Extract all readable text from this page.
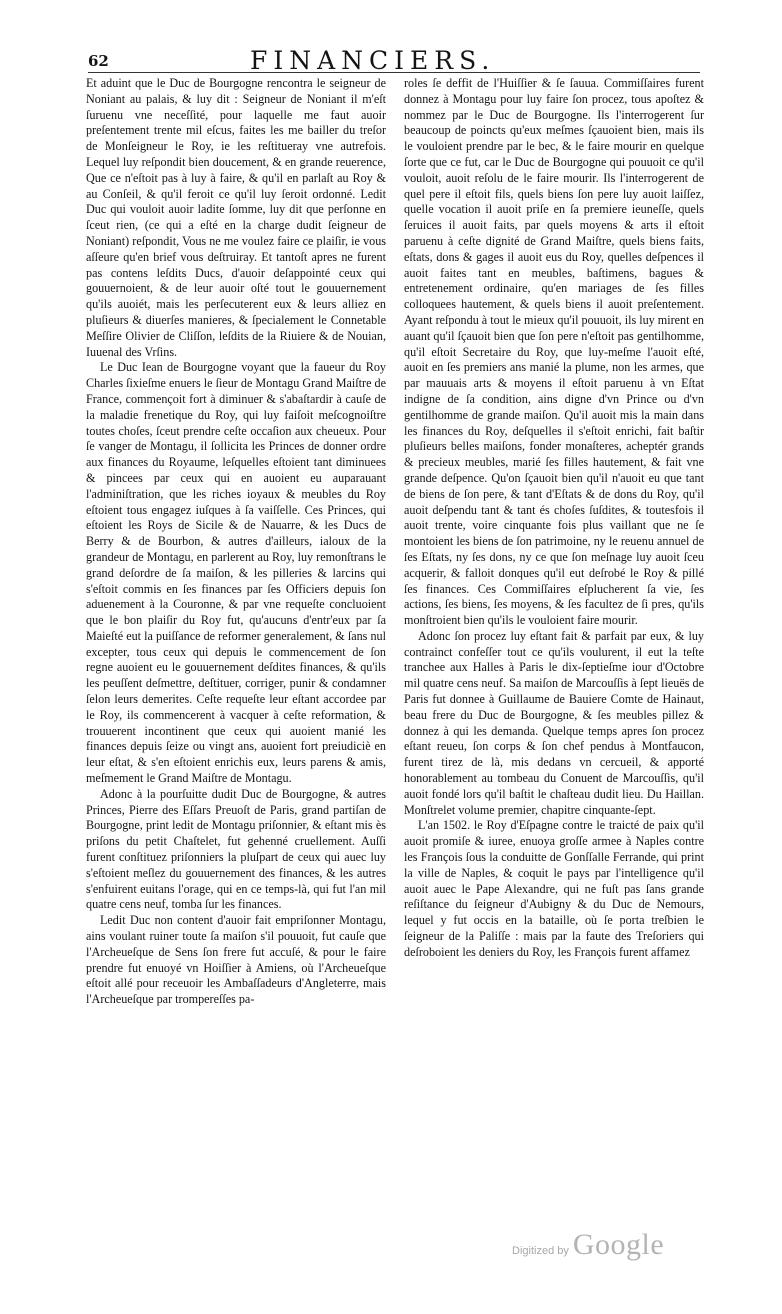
62	FINANCIERS.

Et aduint que le Duc de Bourgogne rencontra le seigneur de Noniant au palais, & luy dit : Seigneur de Noniant il m'eſt ſuruenu vne neceſſité, pour laquelle me faut auoir preſentement trente mil eſcus, faites les me bailler du treſor de Monſeigneur le Roy, ie les reſtitueray vne autrefois. Lequel luy reſpondit bien doucement, & en grande reuerence, Que ce n'eſtoit pas à luy à faire, & qu'il en parlaſt au Roy & au Conſeil, & qu'il feroit ce qu'il luy ſeroit ordonné. Ledit Duc qui vouloit auoir ladite ſomme, luy dit que perſonne en ſceut rien, (ce qui a eſté en la charge dudit ſeigneur de Noniant) reſpondit, Vous ne me voulez faire ce plaiſir, ie vous aſſeure qu'en brief vous deſtruiray. Et tantoſt apres ne furent pas contens leſdits Ducs, d'auoir deſappointé ceux qui gouuernoient, & de leur auoir oſté tout le gouuernement qu'ils auoiét, mais les perſecuterent eux & leurs alliez en pluſieurs & diuerſes manieres, & ſpecialement le Connetable Meſſire Olivier de Cliſſon, leſdits de la Riuiere & de Nouian, Iuuenal des Vrſins.

Le Duc Iean de Bourgogne voyant que la faueur du Roy Charles ſixieſme enuers le ſieur de Montagu Grand Maiſtre de France, commençoit fort à diminuer & s'abaſtardir à cauſe de la maladie frenetique du Roy, qui luy faiſoit meſcognoiſtre toutes choſes, ſceut prendre ceſte occaſion aux cheueux. Pour ſe vanger de Montagu, il ſollicita les Princes de donner ordre aux finances du Royaume, leſquelles eſtoient tant diminuees & pincees par ceux qui en auoient eu auparauant l'adminiſtration, que les riches ioyaux & meubles du Roy eſtoient tous engagez iuſques à ſa vaiſſelle. Ces Princes, qui eſtoient les Roys de Sicile & de Nauarre, & les Ducs de Berry & de Bourbon, & autres d'ailleurs, ialoux de la grandeur de Montagu, en parlerent au Roy, luy remonſtrans le grand deſordre de ſa maiſon, & les pilleries & larcins qui s'eſtoit commis en ſes finances par ſes Officiers depuis ſon aduenement à la Couronne, & par vne requeſte concluoient que le bon plaiſir du Roy fut, qu'aucuns d'entr'eux par ſa Maieſté eut la puiſſance de reformer generalement, & ſans nul excepter, tous ceux qui depuis le commencement de ſon regne auoient eu le gouuernement deſdites finances, & qu'ils les peuſſent deſmettre, deſtituer, corriger, punir & condamner ſelon leurs demerites. Ceſte requeſte leur eſtant accordee par le Roy, ils commencerent à vacquer à ceſte reformation, & trouuerent incontinent que ceux qui auoient manié les finances depuis ſeize ou vingt ans, auoient fort preiudiciè en leur eſtat, & s'en eſtoient enrichis eux, leurs parens & amis, meſmement le Grand Maiſtre de Montagu.

Adonc à la pourſuitte dudit Duc de Bourgogne, & autres Princes, Pierre des Eſſars Preuoſt de Paris, grand partiſan de Bourgogne, print ledit de Montagu priſonnier, & eſtant mis ès priſons du petit Chaſtelet, fut gehenné cruellement. Auſſi furent conſtituez priſonniers la pluſpart de ceux qui auec luy s'eſtoient meſlez du gouuernement des finances, & les autres s'enfuirent euitans l'orage, qui en ce temps-là, qui fut l'an mil quatre cens neuf, tomba ſur les finances.

Ledit Duc non content d'auoir fait empriſonner Montagu, ains voulant ruiner toute ſa maiſon s'il pouuoit, fut cauſe que l'Archeueſque de Sens ſon frere fut accuſé, & pour le faire prendre fut enuoyé vn Hoiſſier à Amiens, où l'Archeueſque eſtoit allé pour receuoir les Ambaſſadeurs d'Angleterre, mais l'Archeueſque par trompereſſes pa-

roles ſe deffit de l'Huiſſier & ſe ſauua. Commiſſaires furent donnez à Montagu pour luy faire ſon procez, tous apoſtez & nommez par le Duc de Bourgogne. Ils l'interrogerent ſur beaucoup de poincts qu'eux meſmes ſçauoient bien, mais ils le vouloient prendre par le bec, & le faire mourir en quelque ſorte que ce fut, car le Duc de Bourgogne qui pouuoit ce qu'il vouloit, auoit reſolu de le faire mourir. Ils l'interrogerent de quel pere il eſtoit fils, quels biens ſon pere luy auoit laiſſez, quelle vocation il auoit priſe en ſa premiere ieuneſſe, quels ſeruices il auoit faits, par quels moyens & arts il eſtoit paruenu à ceſte dignité de Grand Maiſtre, quels biens faits, eſtats, dons & gages il auoit eus du Roy, quelles deſpences il auoit faites tant en meubles, baſtimens, bagues & entretenement ordinaire, qu'en mariages de ſes filles colloquees hautement, & quels biens il auoit preſentement. Ayant reſpondu à tout le mieux qu'il pouuoit, ils luy mirent en auant qu'il ſçauoit bien que ſon pere n'eſtoit pas gentilhomme, qu'il eſtoit Secretaire du Roy, que luy-meſme l'auoit eſté, auoit en ſes premiers ans manié la plume, non les armes, que par mauuais arts & moyens il eſtoit paruenu à vn Eſtat indigne de ſa condition, ains digne d'vn Prince ou d'vn gentilhomme de grande maiſon. Qu'il auoit mis la main dans les finances du Roy, deſquelles il s'eſtoit enrichi, fait baſtir pluſieurs belles maiſons, fonder monaſteres, acheptér grands & precieux meubles, marié ſes filles hautement, & fait vne grande deſpence. Qu'on ſçauoit bien qu'il n'auoit eu que tant de biens de ſon pere, & tant d'Eſtats & de dons du Roy, qu'il auoit deſpendu tant & tant és choſes ſuſdites, & toutesfois il auoit trente, voire cinquante fois plus vaillant que ne ſe montoient les biens de ſon patrimoine, ny le reuenu annuel de ſes Eſtats, ny ſes dons, ny ce que ſon meſnage luy auoit ſceu acquerir, & falloit donques qu'il eut deſrobé le Roy & pillé ſes finances. Ces Commiſſaires eſplucherent ſa vie, ſes actions, ſes biens, ſes moyens, & ſes facultez de ſi pres, qu'ils monſtroient bien qu'ils le vouloient faire mourir.

Adonc ſon procez luy eſtant fait & parfait par eux, & luy contrainct confeſſer tout ce qu'ils voulurent, il eut la teſte tranchee aux Halles à Paris le dix-ſeptieſme iour d'Octobre mil quatre cens neuf. Sa maiſon de Marcouſſis à ſept lieuës de Paris fut donnee à Guillaume de Bauiere Comte de Hainaut, beau frere du Duc de Bourgogne, & ſes meubles pillez & donnez à qui les demanda. Quelque temps apres ſon procez eſtant reueu, ſon corps & ſon chef pendus à Montfaucon, furent tirez de là, mis dedans vn cercueil, & apporté honorablement au tombeau du Conuent de Marcouſſis, qu'il auoit fondé lors qu'il baſtit le chaſteau dudit lieu. Du Haillan. Monſtrelet volume premier, chapitre cinquante-ſept.

L'an 1502. le Roy d'Eſpagne contre le traicté de paix qu'il auoit promiſe & iuree, enuoya groſſe armee à Naples contre les François ſous la conduitte de Gonſſalle Ferrande, qui print la ville de Naples, & coquit le pays par l'intelligence qu'il auoit auec le Pape Alexandre, qui ne fuſt pas ſans grande reſiſtance du ſeigneur d'Aubigny & du Duc de Nemours, lequel y fut occis en la bataille, où ſe porta treſbien le ſeigneur de la Paliſſe : mais par la faute des Treſoriers qui deſroboient les deniers du Roy, les François furent affamez

Digitized by Google
